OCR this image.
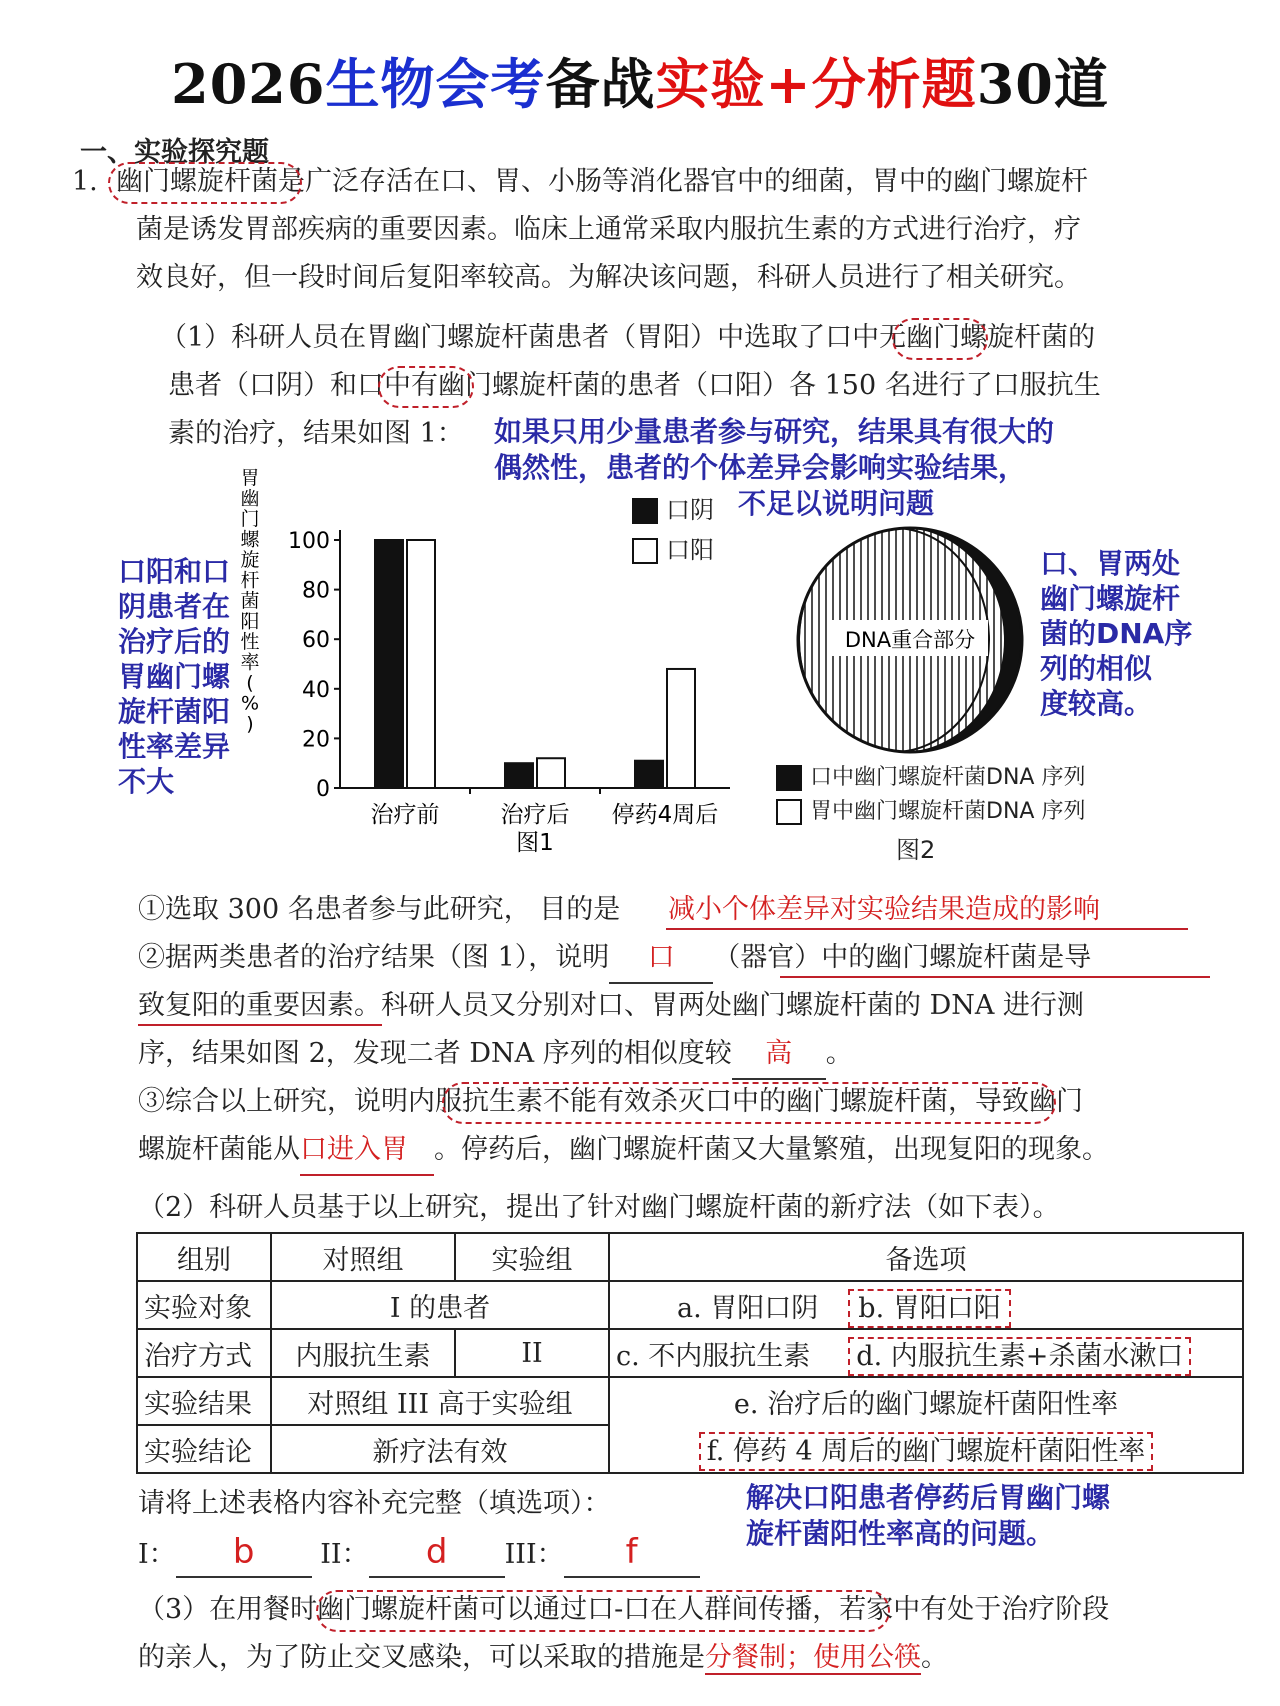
2026生物会考备战实验+分析题30道
一、实验探究题
1. 幽门螺旋杆菌是广泛存活在口、胃、小肠等消化器官中的细菌，胃中的幽门螺旋杆
菌是诱发胃部疾病的重要因素。临床上通常采取内服抗生素的方式进行治疗，疗
效良好，但一段时间后复阳率较高。为解决该问题，科研人员进行了相关研究。
（1）科研人员在胃幽门螺旋杆菌患者（胃阳）中选取了口中无幽门螺旋杆菌的
患者（口阴）和口中有幽门螺旋杆菌的患者（口阳）各 150 名进行了口服抗生
素的治疗，结果如图 1： 如果只用少量患者参与研究，结果具有很大的
偶然性，患者的个体差异会影响实验结果，
不足以说明问题
口阳和口
阴患者在
治疗后的
胃幽门螺
旋杆菌阳
性率差异
不大
口、胃两处
幽门螺旋杆
菌的DNA序
列的相似
度较高。
0
20
40
60
80
100
治疗前	治疗后 停药4周后
图1
胃
幽
门
螺
旋
杆
菌
阳
性
率
(
%
)
口阴
口阳
DNA重合部分
口中幽门螺旋杆菌DNA 序列
胃中幽门螺旋杆菌DNA 序列
图2
①选取 300 名患者参与此研究， 目的是 减小个体差异对实验结果造成的影响
②据两类患者的治疗结果（图 1），说明 口 （器官）中的幽门螺旋杆菌是导
致复阳的重要因素。科研人员又分别对口、胃两处幽门螺旋杆菌的 DNA 进行测
序，结果如图 2，发现二者 DNA 序列的相似度较 高 。
③综合以上研究，说明内服抗生素不能有效杀灭口中的幽门螺旋杆菌，导致幽门
螺旋杆菌能从口进入胃 。停药后，幽门螺旋杆菌又大量繁殖，出现复阳的现象。
（2）科研人员基于以上研究，提出了针对幽门螺旋杆菌的新疗法（如下表）。
组别	对照组	实验组	备选项	
实验对象	I 的患者		a. 胃阳口阴	b. 胃阳口阳
治疗方式	内服抗生素	II	c. 不内服抗生素	d. 内服抗生素+杀菌水漱口
实验结果	对照组 III 高于实验组		e. 治疗后的幽门螺旋杆菌阳性率	
实验结论	新疗法有效		f. 停药 4 周后的幽门螺旋杆菌阳性率	
请将上述表格内容补充完整（填选项）：
I： b II： d III： f
解决口阳患者停药后胃幽门螺
旋杆菌阳性率高的问题。
（3）在用餐时幽门螺旋杆菌可以通过口-口在人群间传播，若家中有处于治疗阶段
的亲人，为了防止交叉感染，可以采取的措施是分餐制；使用公筷。
